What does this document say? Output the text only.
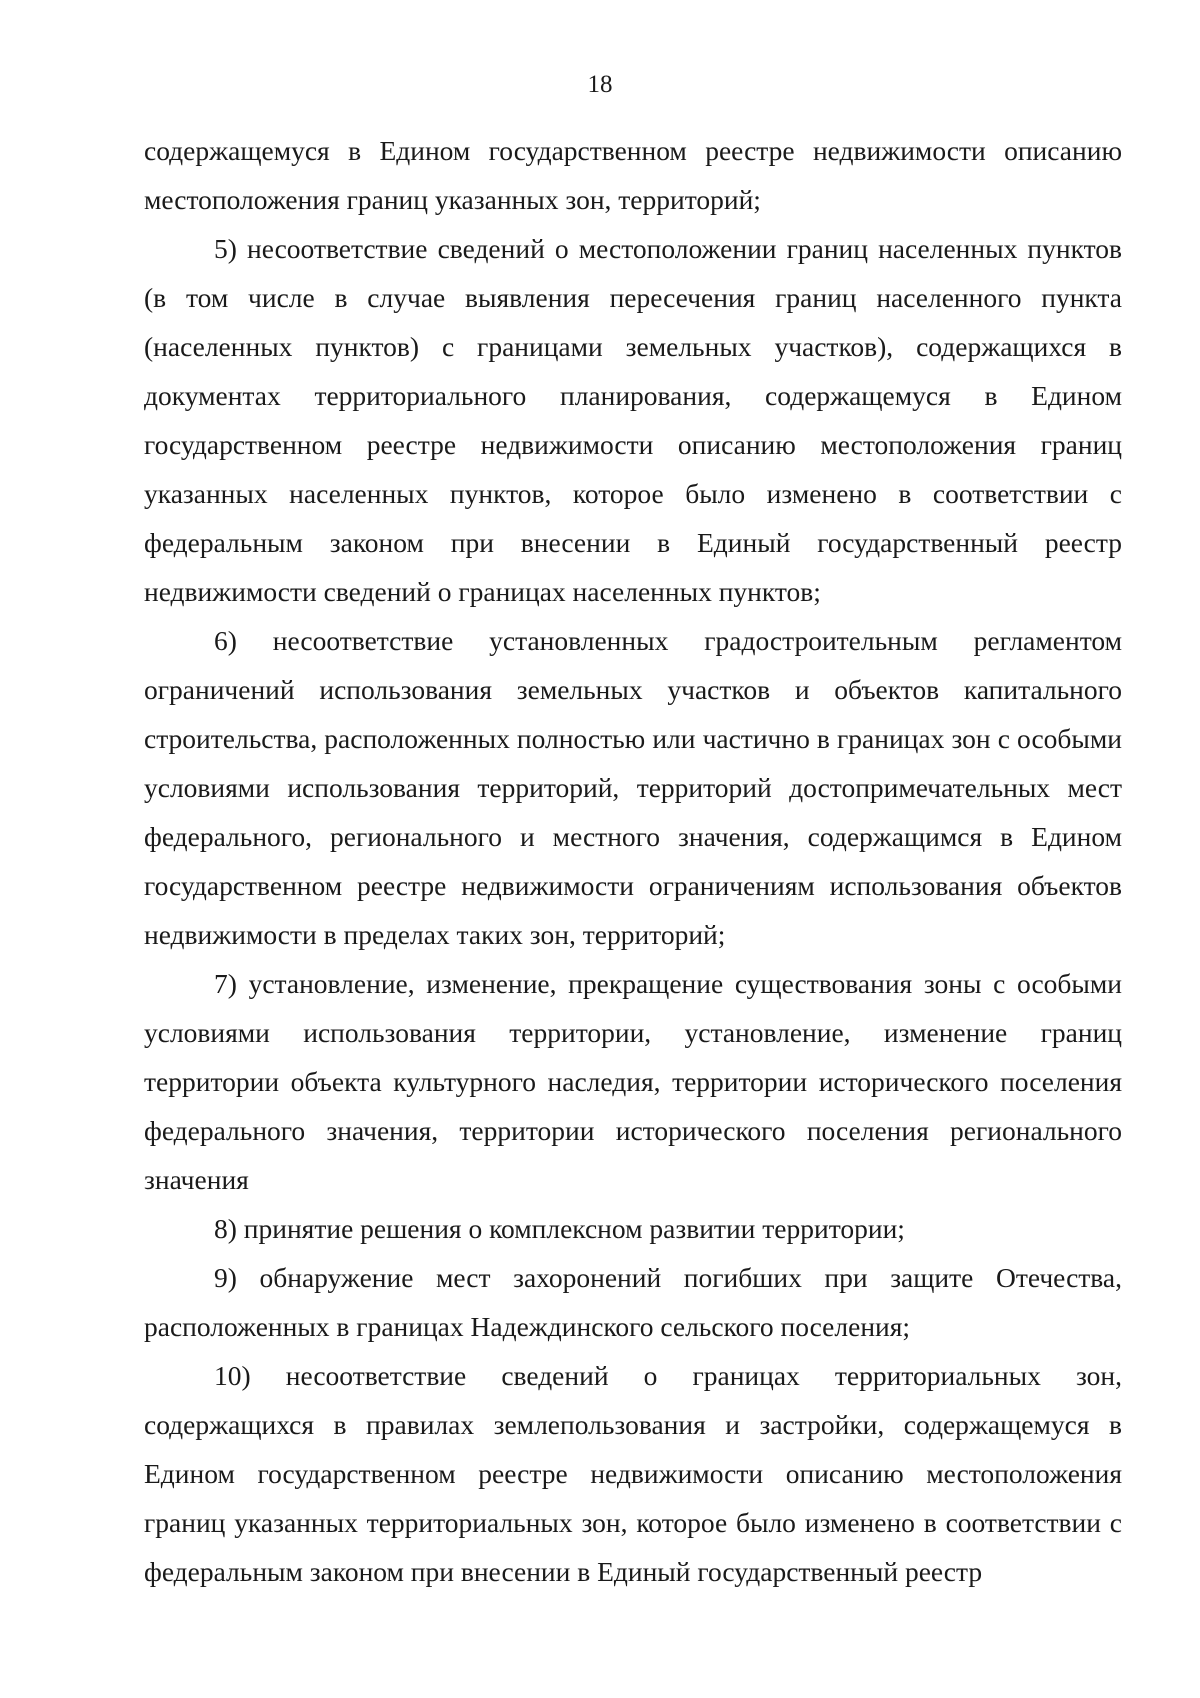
18

содержащемуся в Едином государственном реестре недвижимости описанию местоположения границ указанных зон, территорий;

5) несоответствие сведений о местоположении границ населенных пунктов (в том числе в случае выявления пересечения границ населенного пункта (населенных пунктов) с границами земельных участков), содержащихся в документах территориального планирования, содержащемуся в Едином государственном реестре недвижимости описанию местоположения границ указанных населенных пунктов, которое было изменено в соответствии с федеральным законом при внесении в Единый государственный реестр недвижимости сведений о границах населенных пунктов;

6) несоответствие установленных градостроительным регламентом ограничений использования земельных участков и объектов капитального строительства, расположенных полностью или частично в границах зон с особыми условиями использования территорий, территорий достопримечательных мест федерального, регионального и местного значения, содержащимся в Едином государственном реестре недвижимости ограничениям использования объектов недвижимости в пределах таких зон, территорий;

7) установление, изменение, прекращение существования зоны с особыми условиями использования территории, установление, изменение границ территории объекта культурного наследия, территории исторического поселения федерального значения, территории исторического поселения регионального значения

8) принятие решения о комплексном развитии территории;

9) обнаружение мест захоронений погибших при защите Отечества, расположенных в границах Надеждинского сельского поселения;

10) несоответствие сведений о границах территориальных зон, содержащихся в правилах землепользования и застройки, содержащемуся в Едином государственном реестре недвижимости описанию местоположения границ указанных территориальных зон, которое было изменено в соответствии с федеральным законом при внесении в Единый государственный реестр
